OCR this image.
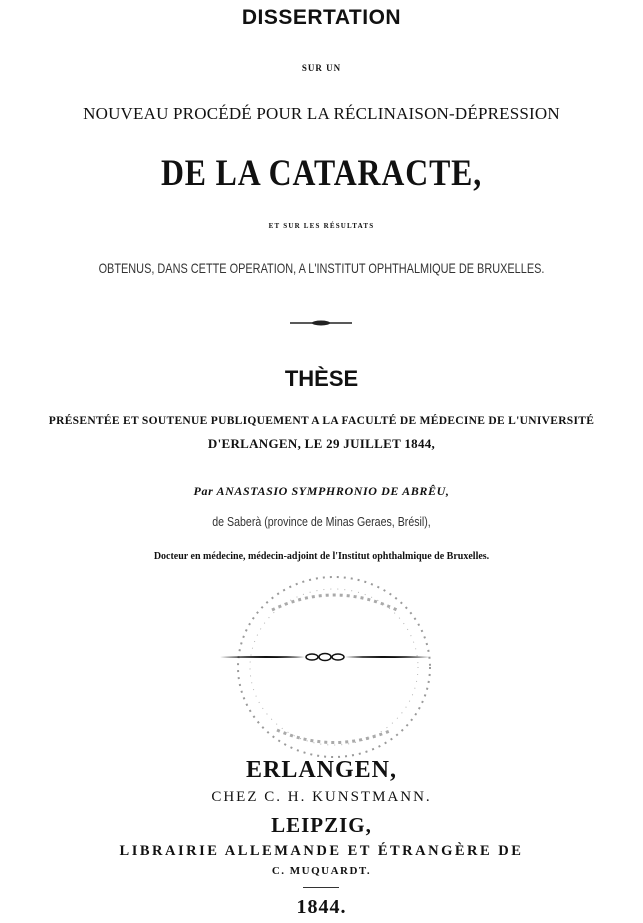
DISSERTATION
SUR UN
NOUVEAU PROCÉDÉ POUR LA RÉCLINAISON-DÉPRESSION
DE LA CATARACTE,
ET SUR LES RÉSULTATS
OBTENUS, DANS CETTE OPERATION, A L'INSTITUT OPHTHALMIQUE DE BRUXELLES.
THÈSE
PRÉSENTÉE ET SOUTENUE PUBLIQUEMENT A LA FACULTÉ DE MÉDECINE DE L'UNIVERSITÉ
D'ERLANGEN, LE 29 JUILLET 1844,
Par ANASTASIO SYMPHRONIO DE ABRÊU,
de Saberà (province de Minas Geraes, Brésil),
Docteur en médecine, médecin-adjoint de l'Institut ophthalmique de Bruxelles.
ERLANGEN,
CHEZ C. H. KUNSTMANN.
LEIPZIG,
LIBRAIRIE ALLEMANDE ET ÉTRANGÈRE DE
C. MUQUARDT.
1844.
